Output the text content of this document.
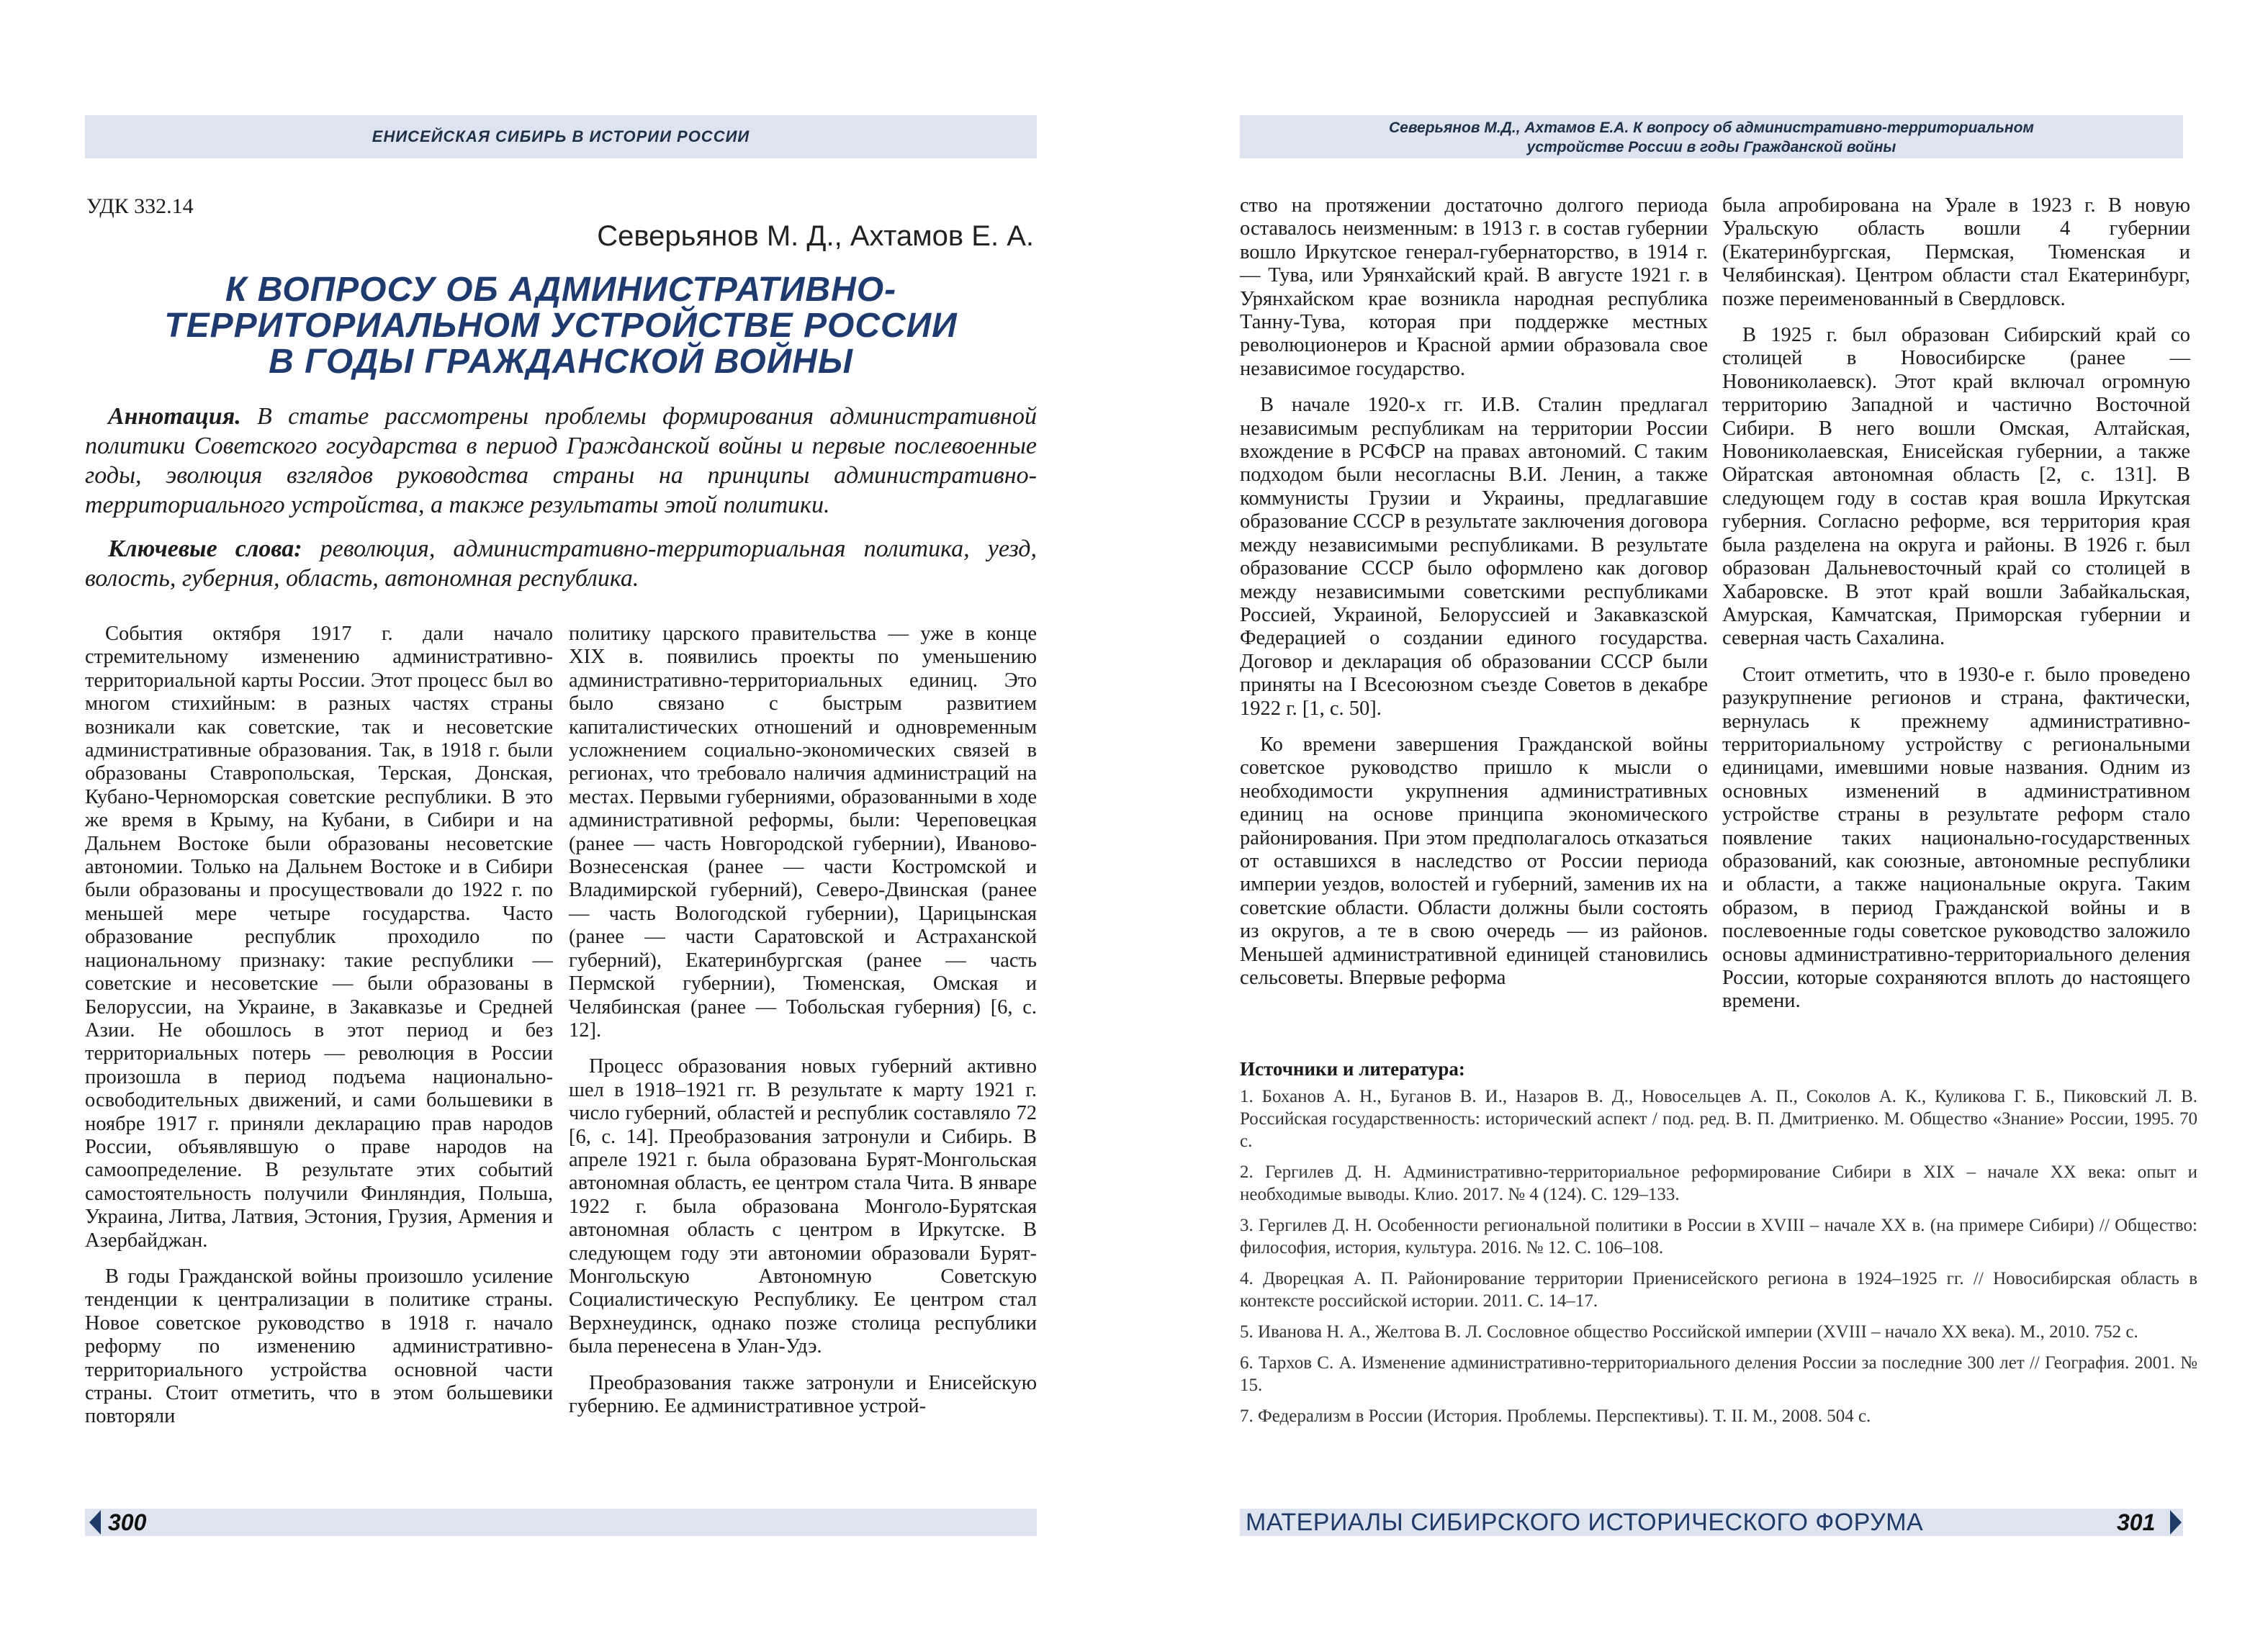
ЕНИСЕЙСКАЯ СИБИРЬ В ИСТОРИИ РОССИИ
УДК 332.14
Северьянов М. Д., Ахтамов Е. А.
К ВОПРОСУ ОБ АДМИНИСТРАТИВНО-
ТЕРРИТОРИАЛЬНОМ УСТРОЙСТВЕ РОССИИ
В ГОДЫ ГРАЖДАНСКОЙ ВОЙНЫ
Аннотация. В статье рассмотрены проблемы формирования административной политики Советского государства в период Гражданской войны и первые послевоенные годы, эволюция взглядов руководства страны на принципы административно-территориального устройства, а также результаты этой политики.
Ключевые слова: революция, административно-территориальная политика, уезд, волость, губерния, область, автономная республика.

События октября 1917 г. дали начало стремительному изменению административно-территориальной карты России. Этот процесс был во многом стихийным: в разных частях страны возникали как советские, так и несоветские административные образования. Так, в 1918 г. были образованы Ставропольская, Терская, Донская, Кубано-Черноморская советские республики. В это же время в Крыму, на Кубани, в Сибири и на Дальнем Востоке были образованы несоветские автономии. Только на Дальнем Востоке и в Сибири были образованы и просуществовали до 1922 г. по меньшей мере четыре государства. Часто образование республик проходило по национальному признаку: такие республики — советские и несоветские — были образованы в Белоруссии, на Украине, в Закавказье и Средней Азии. Не обошлось в этот период и без территориальных потерь — революция в России произошла в период подъема национально-освободительных движений, и сами большевики в ноябре 1917 г. приняли декларацию прав народов России, объявлявшую о праве народов на самоопределение. В результате этих событий самостоятельность получили Финляндия, Польша, Украина, Литва, Латвия, Эстония, Грузия, Армения и Азербайджан.

В годы Гражданской войны произошло усиление тенденции к централизации в политике страны. Новое советское руководство в 1918 г. начало реформу по изменению административно-территориального устройства основной части страны. Стоит отметить, что в этом большевики повторяли

политику царского правительства — уже в конце XIX в. появились проекты по уменьшению административно-территориальных единиц. Это было связано с быстрым развитием капиталистических отношений и одновременным усложнением социально-экономических связей в регионах, что требовало наличия администраций на местах. Первыми губерниями, образованными в ходе административной реформы, были: Череповецкая (ранее — часть Новгородской губернии), Иваново-Вознесенская (ранее — части Костромской и Владимирской губерний), Северо-Двинская (ранее — часть Вологодской губернии), Царицынская (ранее — части Саратовской и Астраханской губерний), Екатеринбургская (ранее — часть Пермской губернии), Тюменская, Омская и Челябинская (ранее — Тобольская губерния) [6, с. 12].

Процесс образования новых губерний активно шел в 1918–1921 гг. В результате к марту 1921 г. число губерний, областей и республик составляло 72 [6, с. 14]. Преобразования затронули и Сибирь. В апреле 1921 г. была образована Бурят-Монгольская автономная область, ее центром стала Чита. В январе 1922 г. была образована Монголо-Бурятская автономная область с центром в Иркутске. В следующем году эти автономии образовали Бурят-Монгольскую Автономную Советскую Социалистическую Республику. Ее центром стал Верхнеудинск, однако позже столица республики была перенесена в Улан-Удэ.

Преобразования также затронули и Енисейскую губернию. Ее административное устрой-

300
Северьянов М.Д., Ахтамов Е.А. К вопросу об административно-территориальном
устройстве России в годы Гражданской войны

ство на протяжении достаточно долгого периода оставалось неизменным: в 1913 г. в состав губернии вошло Иркутское генерал-губернаторство, в 1914 г. — Тува, или Урянхайский край. В августе 1921 г. в Урянхайском крае возникла народная республика Танну-Тува, которая при поддержке местных революционеров и Красной армии образовала свое независимое государство.

В начале 1920-х гг. И.В. Сталин предлагал независимым республикам на территории России вхождение в РСФСР на правах автономий. С таким подходом были несогласны В.И. Ленин, а также коммунисты Грузии и Украины, предлагавшие образование СССР в результате заключения договора между независимыми республиками. В результате образование СССР было оформлено как договор между независимыми советскими республиками Россией, Украиной, Белоруссией и Закавказской Федерацией о создании единого государства. Договор и декларация об образовании СССР были приняты на I Всесоюзном съезде Советов в декабре 1922 г. [1, с. 50].

Ко времени завершения Гражданской войны советское руководство пришло к мысли о необходимости укрупнения административных единиц на основе принципа экономического районирования. При этом предполагалось отказаться от оставшихся в наследство от России периода империи уездов, волостей и губерний, заменив их на советские области. Области должны были состоять из округов, а те в свою очередь — из районов. Меньшей административной единицей становились сельсоветы. Впервые реформа

была апробирована на Урале в 1923 г. В новую Уральскую область вошли 4 губернии (Екатеринбургская, Пермская, Тюменская и Челябинская). Центром области стал Екатеринбург, позже переименованный в Свердловск.

В 1925 г. был образован Сибирский край со столицей в Новосибирске (ранее — Новониколаевск). Этот край включал огромную территорию Западной и частично Восточной Сибири. В него вошли Омская, Алтайская, Новониколаевская, Енисейская губернии, а также Ойратская автономная область [2, с. 131]. В следующем году в состав края вошла Иркутская губерния. Согласно реформе, вся территория края была разделена на округа и районы. В 1926 г. был образован Дальневосточный край со столицей в Хабаровске. В этот край вошли Забайкальская, Амурская, Камчатская, Приморская губернии и северная часть Сахалина.

Стоит отметить, что в 1930-е г. было проведено разукрупнение регионов и страна, фактически, вернулась к прежнему административно-территориальному устройству с региональными единицами, имевшими новые названия. Одним из основных изменений в административном устройстве страны в результате реформ стало появление таких национально-государственных образований, как союзные, автономные республики и области, а также национальные округа. Таким образом, в период Гражданской войны и в послевоенные годы советское руководство заложило основы административно-территориального деления России, которые сохраняются вплоть до настоящего времени.

Источники и литература:
1. Боханов А. Н., Буганов В. И., Назаров В. Д., Новосельцев А. П., Соколов А. К., Куликова Г. Б., Пиковский Л. В. Российская государственность: исторический аспект / под. ред. В. П. Дмитриенко. М. Общество «Знание» России, 1995. 70 с.
2. Гергилев Д. Н. Административно-территориальное реформирование Сибири в XIX – начале XX века: опыт и необходимые выводы. Клио. 2017. № 4 (124). С. 129–133.
3. Гергилев Д. Н. Особенности региональной политики в России в XVIII – начале XX в. (на примере Сибири) // Общество: философия, история, культура. 2016. № 12. С. 106–108.
4. Дворецкая А. П. Районирование территории Приенисейского региона в 1924–1925 гг. // Новосибирская область в контексте российской истории. 2011. С. 14–17.
5. Иванова Н. А., Желтова В. Л. Сословное общество Российской империи (XVIII – начало XX века). М., 2010. 752 с.
6. Тархов С. А. Изменение административно-территориального деления России за последние 300 лет // География. 2001. № 15.
7. Федерализм в России (История. Проблемы. Перспективы). Т. II. М., 2008. 504 с.
МАТЕРИАЛЫ СИБИРСКОГО ИСТОРИЧЕСКОГО ФОРУМА	301
